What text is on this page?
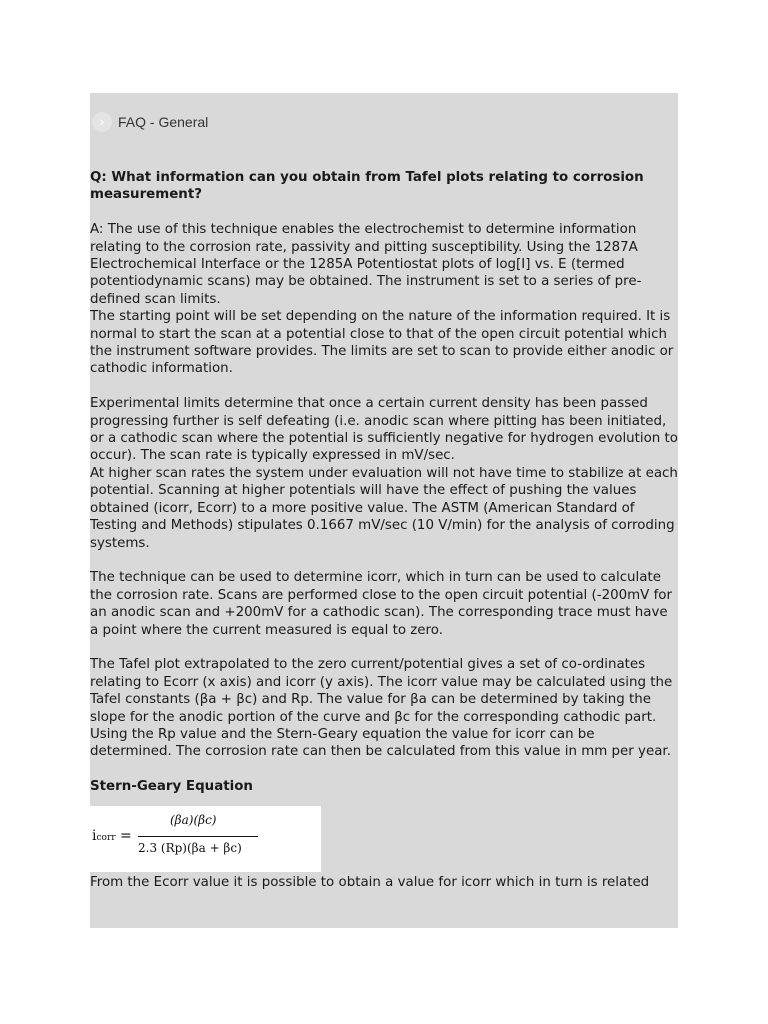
› FAQ - General

Q: What information can you obtain from Tafel plots relating to corrosion measurement?

A: The use of this technique enables the electrochemist to determine information relating to the corrosion rate, passivity and pitting susceptibility. Using the 1287A Electrochemical Interface or the 1285A Potentiostat plots of log[I] vs. E (termed potentiodynamic scans) may be obtained. The instrument is set to a series of pre-defined scan limits.

The starting point will be set depending on the nature of the information required. It is normal to start the scan at a potential close to that of the open circuit potential which the instrument software provides. The limits are set to scan to provide either anodic or cathodic information.

Experimental limits determine that once a certain current density has been passed progressing further is self defeating (i.e. anodic scan where pitting has been initiated, or a cathodic scan where the potential is sufficiently negative for hydrogen evolution to occur). The scan rate is typically expressed in mV/sec.

At higher scan rates the system under evaluation will not have time to stabilize at each potential. Scanning at higher potentials will have the effect of pushing the values obtained (icorr, Ecorr) to a more positive value. The ASTM (American Standard of Testing and Methods) stipulates 0.1667 mV/sec (10 V/min) for the analysis of corroding systems.

The technique can be used to determine icorr, which in turn can be used to calculate the corrosion rate. Scans are performed close to the open circuit potential (-200mV for an anodic scan and +200mV for a cathodic scan). The corresponding trace must have a point where the current measured is equal to zero.

The Tafel plot extrapolated to the zero current/potential gives a set of co-ordinates relating to Ecorr (x axis) and icorr (y axis). The icorr value may be calculated using the Tafel constants (βa + βc) and Rp. The value for βa can be determined by taking the slope for the anodic portion of the curve and βc for the corresponding cathodic part.

Using the Rp value and the Stern-Geary equation the value for icorr can be determined. The corrosion rate can then be calculated from this value in mm per year.

Stern-Geary Equation

icorr =
(βa)(βc)
2.3 (Rp)(βa + βc)

From the Ecorr value it is possible to obtain a value for icorr which in turn is related
